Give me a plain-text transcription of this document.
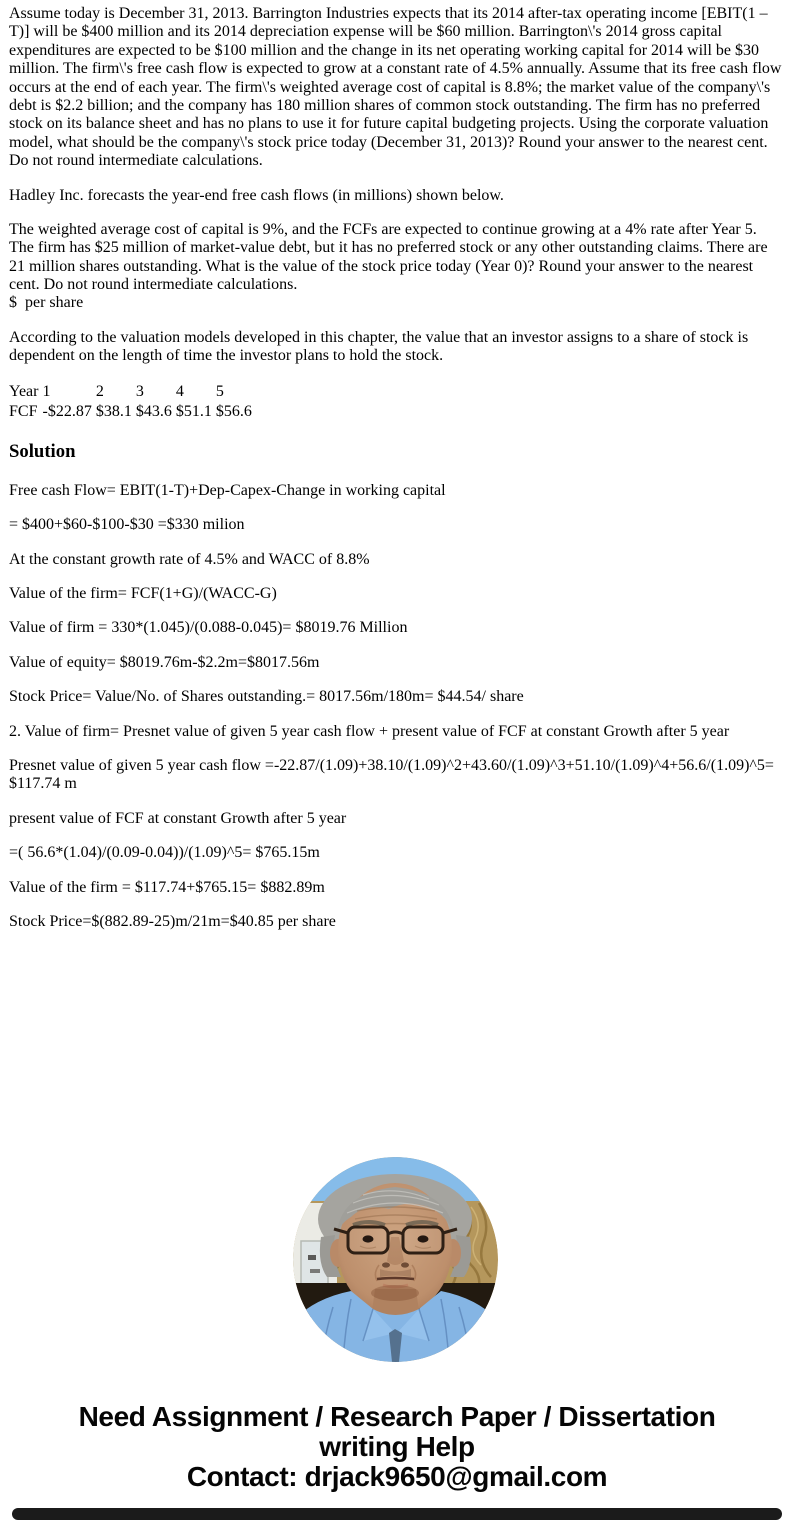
Assume today is December 31, 2013. Barrington Industries expects that its 2014 after-tax operating income [EBIT(1 – T)] will be $400 million and its 2014 depreciation expense will be $60 million. Barrington\'s 2014 gross capital expenditures are expected to be $100 million and the change in its net operating working capital for 2014 will be $30 million. The firm\'s free cash flow is expected to grow at a constant rate of 4.5% annually. Assume that its free cash flow occurs at the end of each year. The firm\'s weighted average cost of capital is 8.8%; the market value of the company\'s debt is $2.2 billion; and the company has 180 million shares of common stock outstanding. The firm has no preferred stock on its balance sheet and has no plans to use it for future capital budgeting projects. Using the corporate valuation model, what should be the company\'s stock price today (December 31, 2013)? Round your answer to the nearest cent. Do not round intermediate calculations.

Hadley Inc. forecasts the year-end free cash flows (in millions) shown below.

The weighted average cost of capital is 9%, and the FCFs are expected to continue growing at a 4% rate after Year 5. The firm has $25 million of market-value debt, but it has no preferred stock or any other outstanding claims. There are 21 million shares outstanding. What is the value of the stock price today (Year 0)? Round your answer to the nearest cent. Do not round intermediate calculations.
$  per share

According to the valuation models developed in this chapter, the value that an investor assigns to a share of stock is dependent on the length of time the investor plans to hold the stock.

Year	1	2	3	4	5
FCF	-$22.87	$38.1	$43.6	$51.1	$56.6
Solution

Free cash Flow= EBIT(1-T)+Dep-Capex-Change in working capital

= $400+$60-$100-$30 =$330 milion

At the constant growth rate of 4.5% and WACC of 8.8%

Value of the firm= FCF(1+G)/(WACC-G)

Value of firm = 330*(1.045)/(0.088-0.045)= $8019.76 Million

Value of equity= $8019.76m-$2.2m=$8017.56m

Stock Price= Value/No. of Shares outstanding.= 8017.56m/180m= $44.54/ share

2. Value of firm= Presnet value of given 5 year cash flow + present value of FCF at constant Growth after 5 year

Presnet value of given 5 year cash flow =-22.87/(1.09)+38.10/(1.09)^2+43.60/(1.09)^3+51.10/(1.09)^4+56.6/(1.09)^5= $117.74 m

present value of FCF at constant Growth after 5 year

=( 56.6*(1.04)/(0.09-0.04))/(1.09)^5= $765.15m

Value of the firm = $117.74+$765.15= $882.89m

Stock Price=$(882.89-25)m/21m=$40.85 per share

Need Assignment / Research Paper / Dissertation
writing Help
Contact: drjack9650@gmail.com
